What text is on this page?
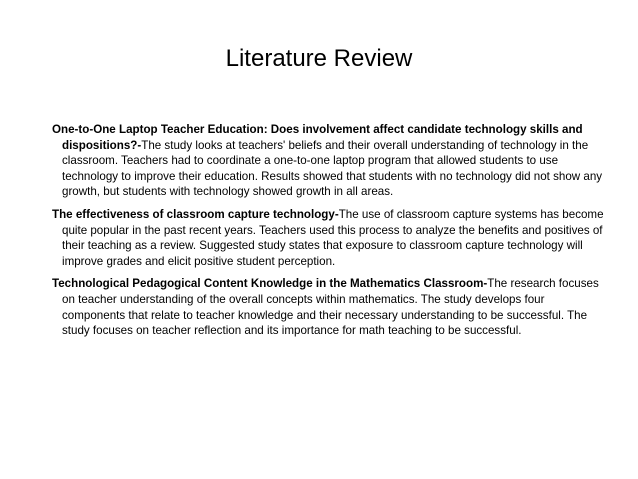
Literature Review

One-to-One Laptop Teacher Education: Does involvement affect candidate technology skills and dispositions?-The study looks at teachers' beliefs and their overall understanding of technology in the classroom. Teachers had to coordinate a one-to-one laptop program that allowed students to use technology to improve their education. Results showed that students with no technology did not show any growth, but students with technology showed growth in all areas.

The effectiveness of classroom capture technology-The use of classroom capture systems has become quite popular in the past recent years. Teachers used this process to analyze the benefits and positives of their teaching as a review. Suggested study states that exposure to classroom capture technology will improve grades and elicit positive student perception.

Technological Pedagogical Content Knowledge in the Mathematics Classroom-The research focuses on teacher understanding of the overall concepts within mathematics. The study develops four components that relate to teacher knowledge and their necessary understanding to be successful. The study focuses on teacher reflection and its importance for math teaching to be successful.
